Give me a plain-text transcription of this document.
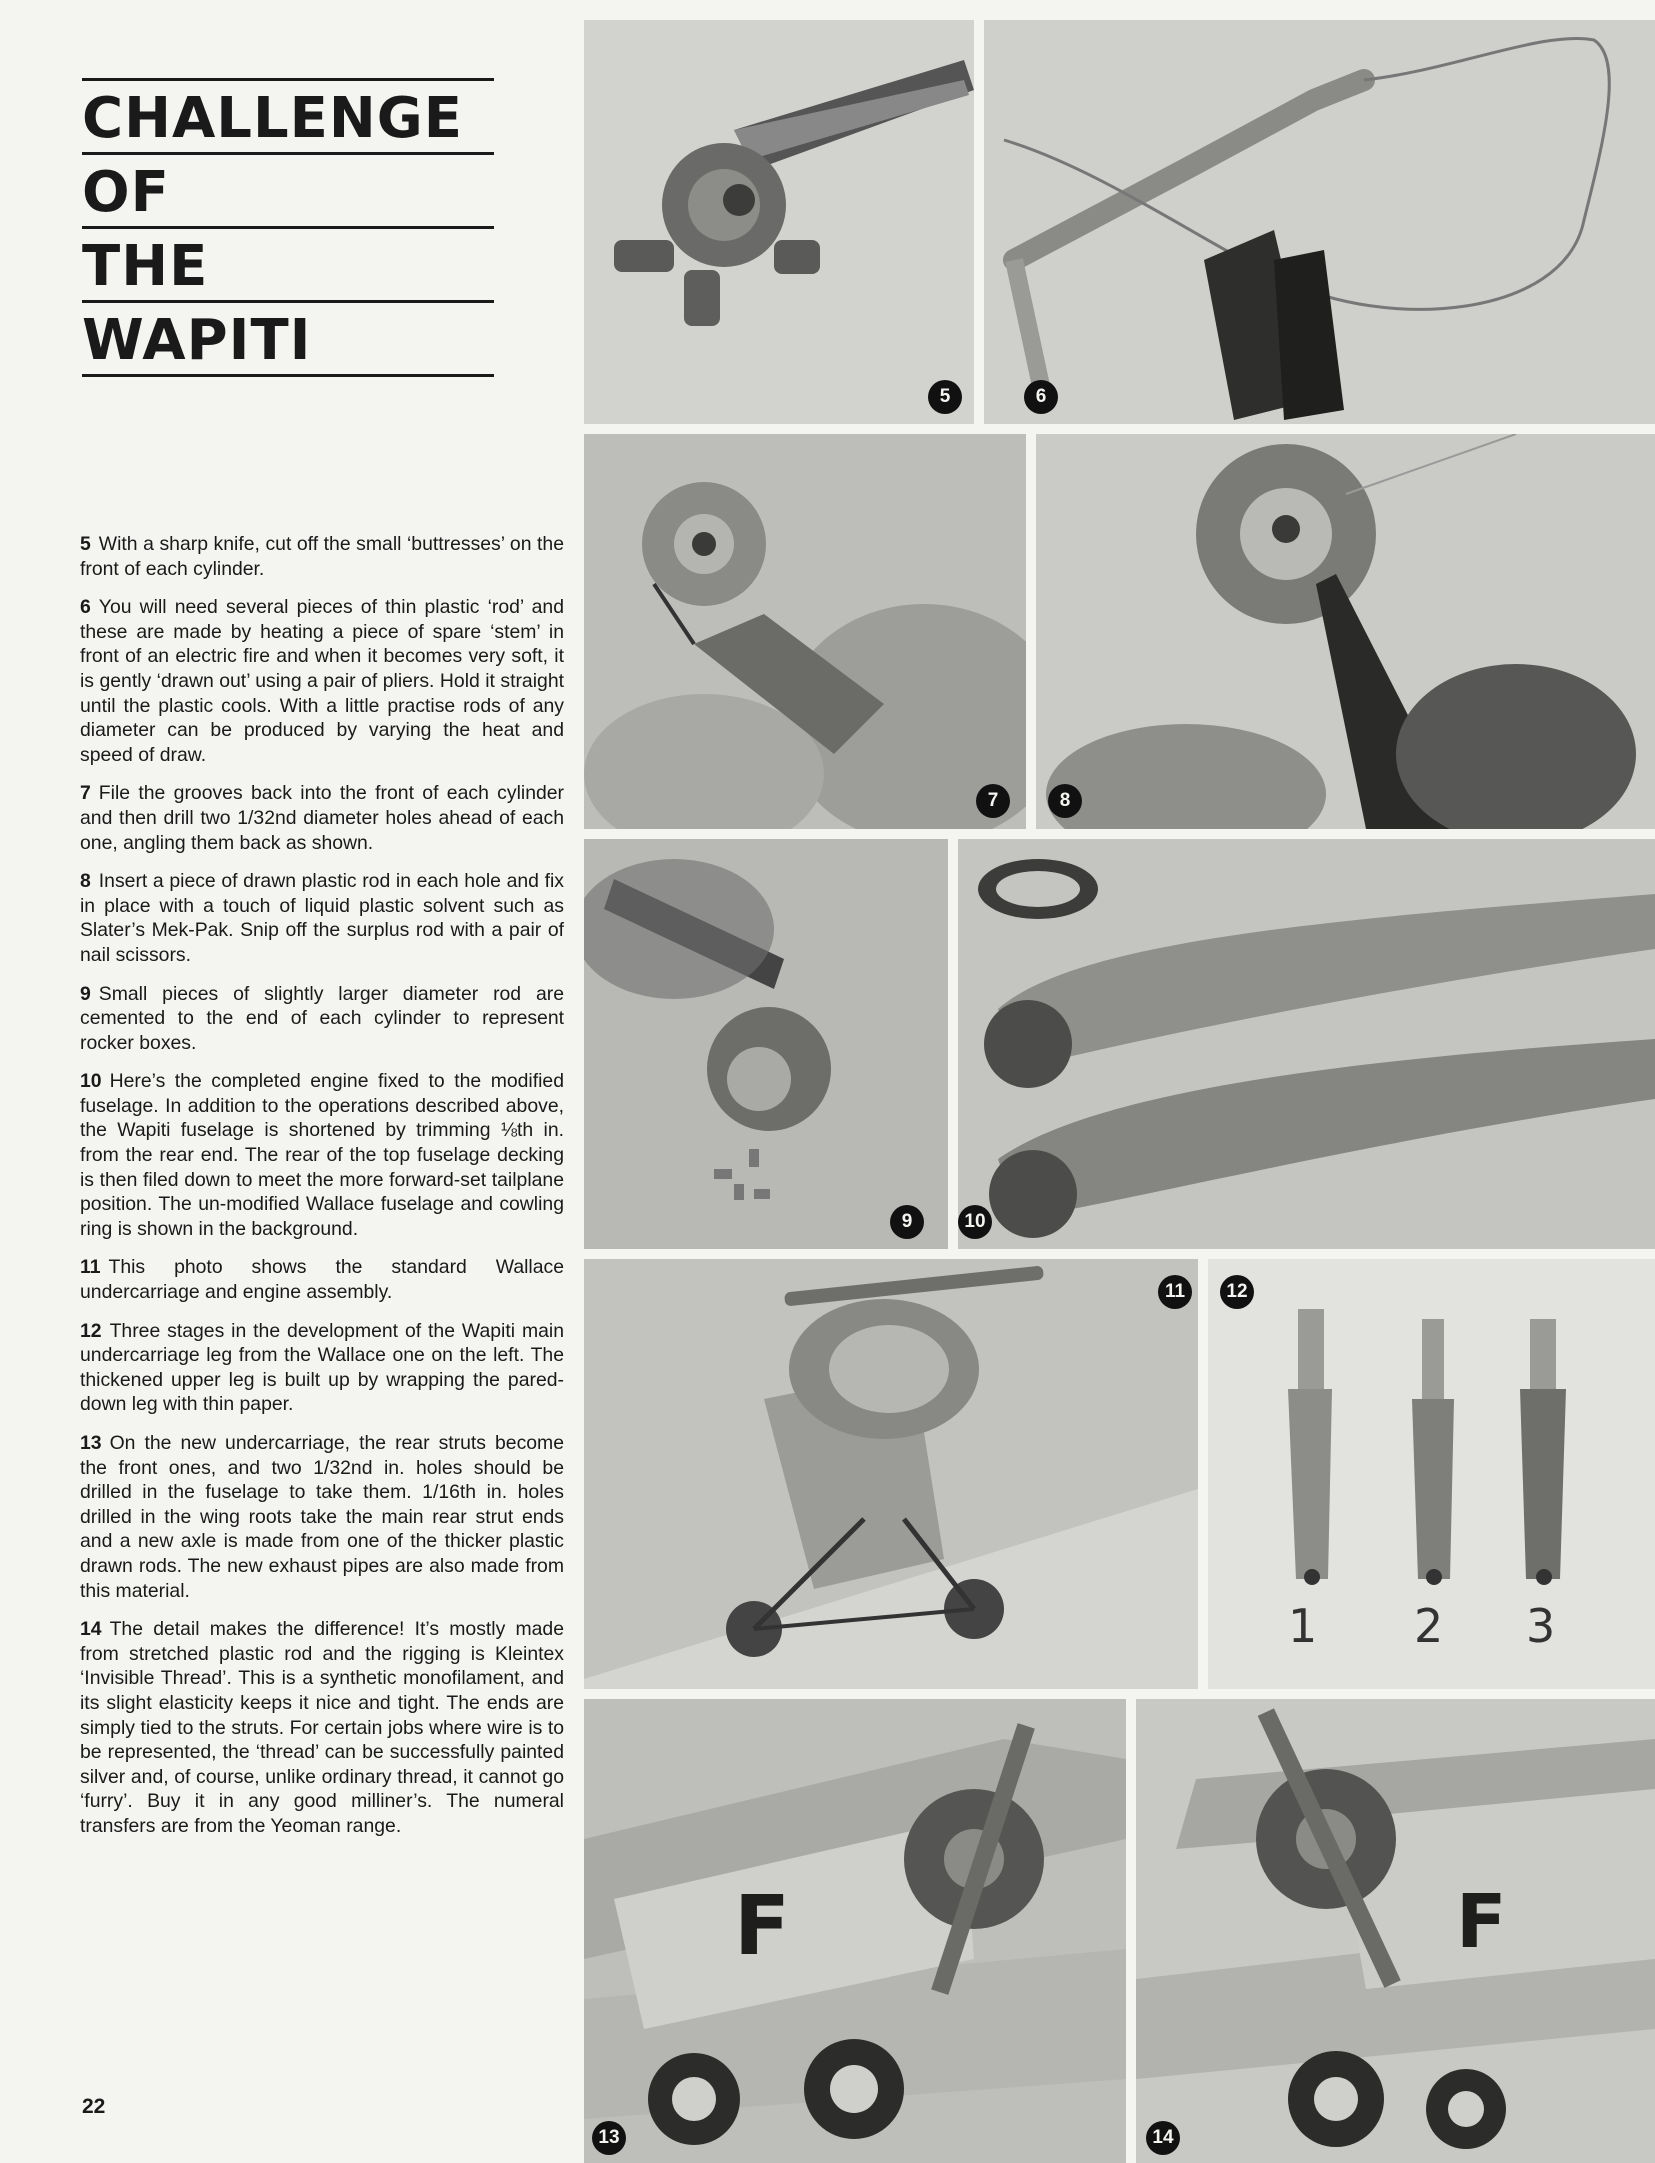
CHALLENGE
OF
THE
WAPITI

5 With a sharp knife, cut off the small ‘buttresses’ on the front of each cylinder.

6 You will need several pieces of thin plastic ‘rod’ and these are made by heating a piece of spare ‘stem’ in front of an electric fire and when it becomes very soft, it is gently ‘drawn out’ using a pair of pliers. Hold it straight until the plastic cools. With a little practise rods of any diameter can be produced by varying the heat and speed of draw.

7 File the grooves back into the front of each cylinder and then drill two 1/32nd diameter holes ahead of each one, angling them back as shown.

8 Insert a piece of drawn plastic rod in each hole and fix in place with a touch of liquid plastic solvent such as Slater’s Mek-Pak. Snip off the surplus rod with a pair of nail scissors.

9 Small pieces of slightly larger diameter rod are cemented to the end of each cylinder to represent rocker boxes.

10 Here’s the completed engine fixed to the modified fuselage. In addition to the operations described above, the Wapiti fuselage is shortened by trimming ⅛th in. from the rear end. The rear of the top fuselage decking is then filed down to meet the more forward-set tailplane position. The un-modified Wallace fuselage and cowling ring is shown in the background.

11 This photo shows the standard Wallace undercarriage and engine assembly.

12 Three stages in the development of the Wapiti main undercarriage leg from the Wallace one on the left. The thickened upper leg is built up by wrapping the pared-down leg with thin paper.

13 On the new undercarriage, the rear struts become the front ones, and two 1/32nd in. holes should be drilled in the fuselage to take them. 1/16th in. holes drilled in the wing roots take the main rear strut ends and a new axle is made from one of the thicker plastic drawn rods. The new exhaust pipes are also made from this material.

14 The detail makes the difference! It’s mostly made from stretched plastic rod and the rigging is Kleintex ‘Invisible Thread’. This is a synthetic monofilament, and its slight elasticity keeps it nice and tight. The ends are simply tied to the struts. For certain jobs where wire is to be represented, the ‘thread’ can be successfully painted silver and, of course, unlike ordinary thread, it cannot go ‘furry’. Buy it in any good milliner’s. The numeral transfers are from the Yeoman range.

22
5	6
7	8
9	10
11	12
1 2 3
F
13
F
14
